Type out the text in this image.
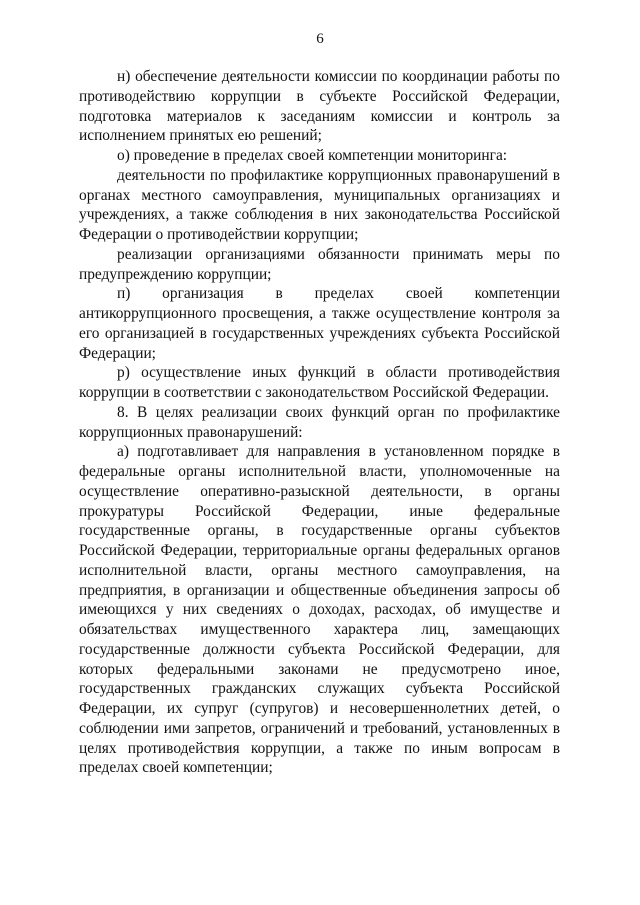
6

н) обеспечение деятельности комиссии по координации работы по противодействию коррупции в субъекте Российской Федерации, подготовка материалов к заседаниям комиссии и контроль за исполнением принятых ею решений;

о) проведение в пределах своей компетенции мониторинга:

деятельности по профилактике коррупционных правонарушений в органах местного самоуправления, муниципальных организациях и учреждениях, а также соблюдения в них законодательства Российской Федерации о противодействии коррупции;

реализации организациями обязанности принимать меры по предупреждению коррупции;

п) организация в пределах своей компетенции антикоррупционного просвещения, а также осуществление контроля за его организацией в государственных учреждениях субъекта Российской Федерации;

р) осуществление иных функций в области противодействия коррупции в соответствии с законодательством Российской Федерации.

8. В целях реализации своих функций орган по профилактике коррупционных правонарушений:

а) подготавливает для направления в установленном порядке в федеральные органы исполнительной власти, уполномоченные на осуществление оперативно-разыскной деятельности, в органы прокуратуры Российской Федерации, иные федеральные государственные органы, в государственные органы субъектов Российской Федерации, территориальные органы федеральных органов исполнительной власти, органы местного самоуправления, на предприятия, в организации и общественные объединения запросы об имеющихся у них сведениях о доходах, расходах, об имуществе и обязательствах имущественного характера лиц, замещающих государственные должности субъекта Российской Федерации, для которых федеральными законами не предусмотрено иное, государственных гражданских служащих субъекта Российской Федерации, их супруг (супругов) и несовершеннолетних детей, о соблюдении ими запретов, ограничений и требований, установленных в целях противодействия коррупции, а также по иным вопросам в пределах своей компетенции;
